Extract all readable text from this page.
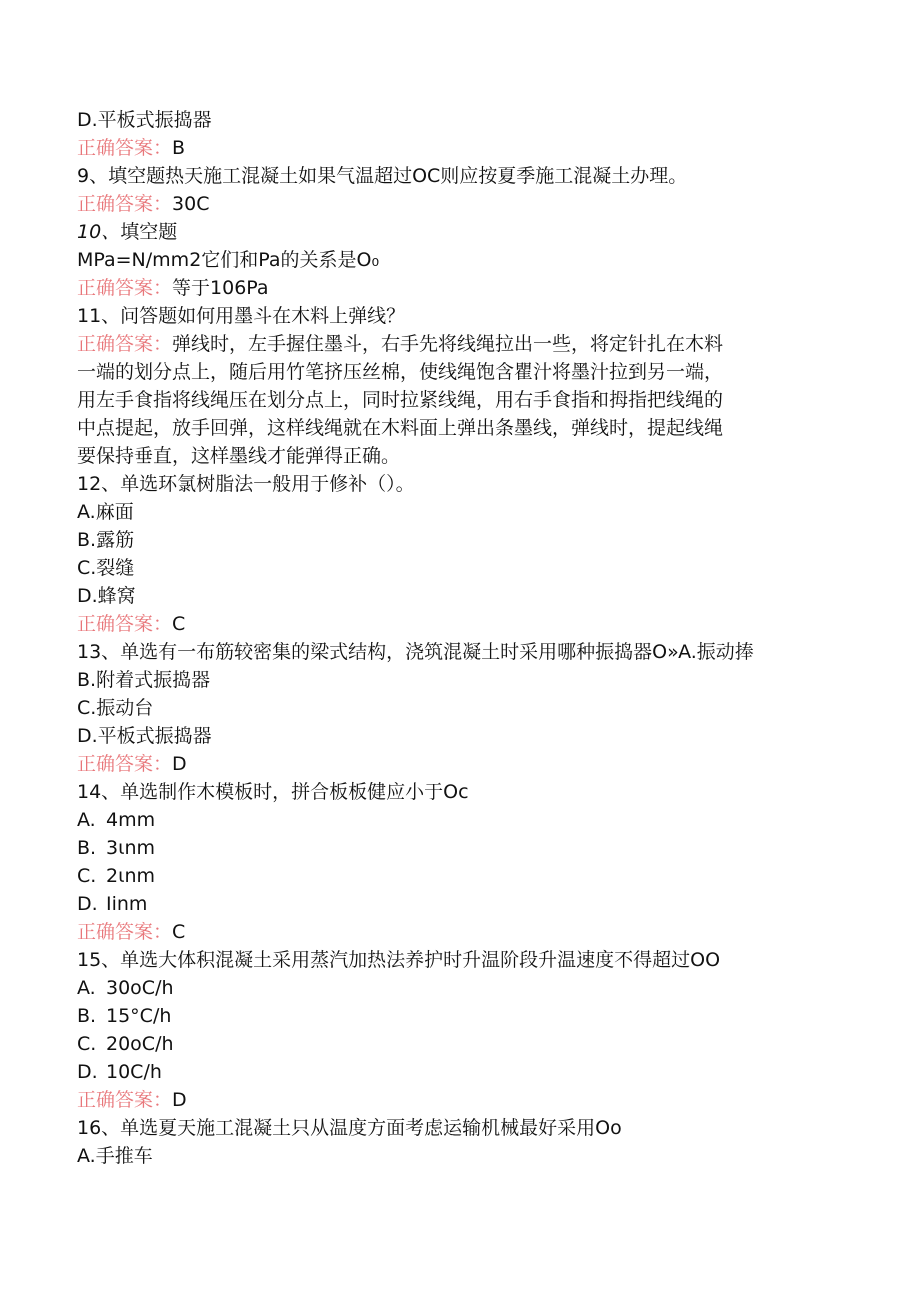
D.平板式振捣器
正确答案：B
9、填空题热天施工混凝土如果气温超过OC则应按夏季施工混凝土办理。
正确答案：30C
10、填空题
MPa=N/mm2它们和Pa的关系是O₀
正确答案：等于106Pa
11、问答题如何用墨斗在木料上弹线？
正确答案：弹线时，左手握住墨斗，右手先将线绳拉出一些，将定针扎在木料
一端的划分点上，随后用竹笔挤压丝棉，使线绳饱含瞿汁将墨汁拉到另一端，
用左手食指将线绳压在划分点上，同时拉紧线绳，用右手食指和拇指把线绳的
中点提起，放手回弹，这样线绳就在木料面上弹出条墨线，弹线时，提起线绳
要保持垂直，这样墨线才能弹得正确。
12、单选环氯树脂法一般用于修补（）。
A.麻面
B.露筋
C.裂缝
D.蜂窝
正确答案：C
13、单选有一布筋较密集的梁式结构，浇筑混凝土时采用哪种振捣器O»A.振动捧
B.附着式振捣器
C.振动台
D.平板式振捣器
正确答案：D
14、单选制作木模板时，拼合板板健应小于Oc
A. 4mm
B. 3ιnm
C. 2ιnm
D. Iinm
正确答案：C
15、单选大体积混凝土采用蒸汽加热法养护时升温阶段升温速度不得超过OO
A. 30oC∕h
B. 15°C∕h
C. 20oC∕h
D. 10C∕h
正确答案：D
16、单选夏天施工混凝土只从温度方面考虑运输机械最好采用Oo
A.手推车
